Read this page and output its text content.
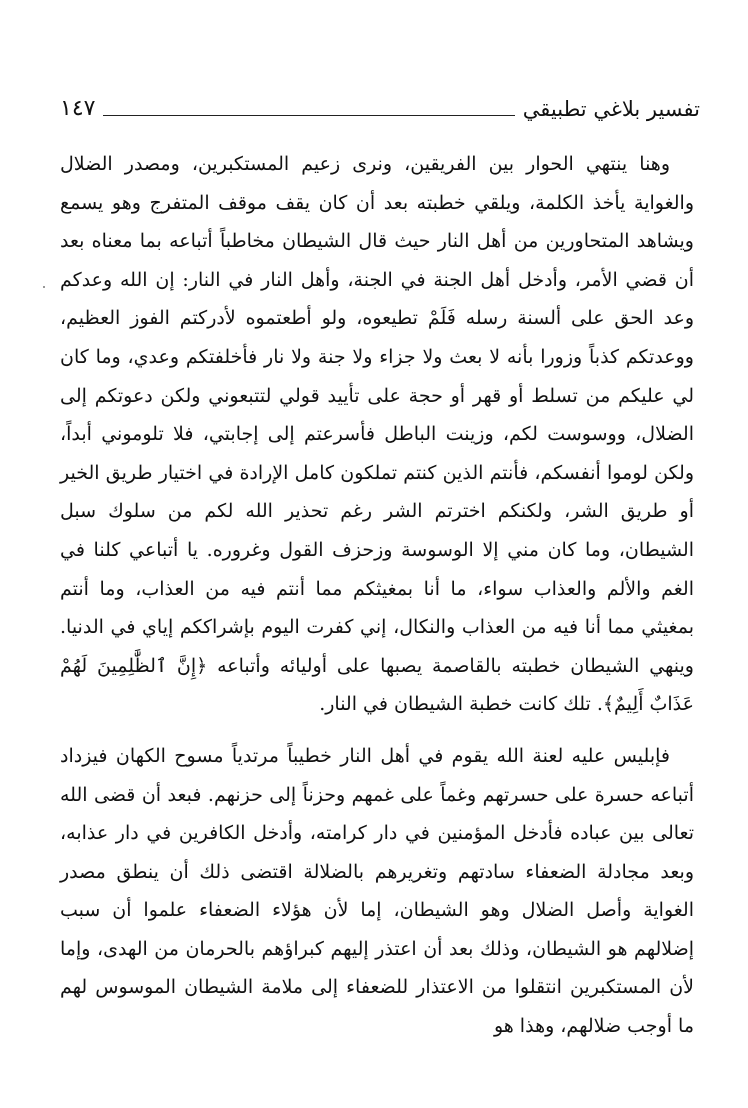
تفسير بلاغي تطبيقي
١٤٧

وهنا ينتهي الحوار بين الفريقين، ونرى زعيم المستكبرين، ومصدر الضلال والغواية يأخذ الكلمة، ويلقي خطبته بعد أن كان يقف موقف المتفرج وهو يسمع ويشاهد المتحاورين من أهل النار حيث قال الشيطان مخاطباً أتباعه بما معناه بعد أن قضي الأمر، وأدخل أهل الجنة في الجنة، وأهل النار في النار: إن الله وعدكم وعد الحق على ألسنة رسله فَلَمْ تطيعوه، ولو أطعتموه لأدركتم الفوز العظيم، ووعدتكم كذباً وزورا بأنه لا بعث ولا جزاء ولا جنة ولا نار فأخلفتكم وعدي، وما كان لي عليكم من تسلط أو قهر أو حجة على تأييد قولي لتتبعوني ولكن دعوتكم إلى الضلال، ووسوست لكم، وزينت الباطل فأسرعتم إلى إجابتي، فلا تلوموني أبداً، ولكن لوموا أنفسكم، فأنتم الذين كنتم تملكون كامل الإرادة في اختيار طريق الخير أو طريق الشر، ولكنكم اخترتم الشر رغم تحذير الله لكم من سلوك سبل الشيطان، وما كان مني إلا الوسوسة وزحزف القول وغروره. يا أتباعي كلنا في الغم والألم والعذاب سواء، ما أنا بمغيثكم مما أنتم فيه من العذاب، وما أنتم بمغيثي مما أنا فيه من العذاب والنكال، إني كفرت اليوم بإشراككم إياي في الدنيا. وينهي الشيطان خطبته بالقاصمة يصبها على أوليائه وأتباعه ﴿إِنَّ ٱلظَّٰلِمِينَ لَهُمْ عَذَابٌ أَلِيمٌ﴾. تلك كانت خطبة الشيطان في النار.

فإبليس عليه لعنة الله يقوم في أهل النار خطيباً مرتدياً مسوح الكهان فيزداد أتباعه حسرة على حسرتهم وغماً على غمهم وحزناً إلى حزنهم. فبعد أن قضى الله تعالى بين عباده فأدخل المؤمنين في دار كرامته، وأدخل الكافرين في دار عذابه، وبعد مجادلة الضعفاء سادتهم وتغريرهم بالضلالة اقتضى ذلك أن ينطق مصدر الغواية وأصل الضلال وهو الشيطان، إما لأن هؤلاء الضعفاء علموا أن سبب إضلالهم هو الشيطان، وذلك بعد أن اعتذر إليهم كبراؤهم بالحرمان من الهدى، وإما لأن المستكبرين انتقلوا من الاعتذار للضعفاء إلى ملامة الشيطان الموسوس لهم ما أوجب ضلالهم، وهذا هو
